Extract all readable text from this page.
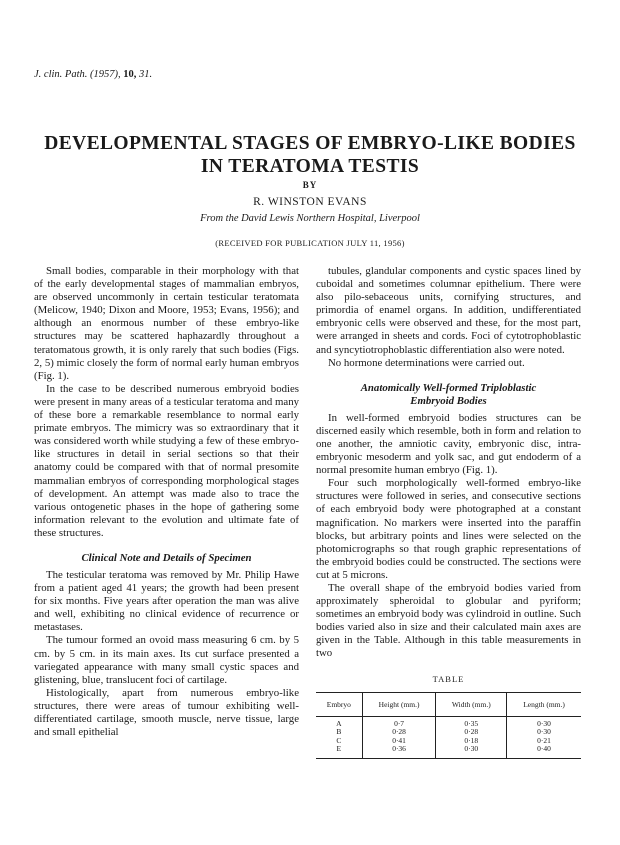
J. clin. Path. (1957), 10, 31.
DEVELOPMENTAL STAGES OF EMBRYO-LIKE BODIES
IN TERATOMA TESTIS
BY
R. WINSTON EVANS
From the David Lewis Northern Hospital, Liverpool
(RECEIVED FOR PUBLICATION JULY 11, 1956)

Small bodies, comparable in their morphology with that of the early developmental stages of mammalian embryos, are observed uncommonly in certain testicular teratomata (Melicow, 1940; Dixon and Moore, 1953; Evans, 1956); and although an enormous number of these embryo-like structures may be scattered haphazardly throughout a teratomatous growth, it is only rarely that such bodies (Figs. 2, 5) mimic closely the form of normal early human embryos (Fig. 1).

In the case to be described numerous embryoid bodies were present in many areas of a testicular teratoma and many of these bore a remarkable resemblance to normal early primate embryos. The mimicry was so extraordinary that it was considered worth while studying a few of these embryo-like structures in detail in serial sections so that their anatomy could be compared with that of normal presomite mammalian embryos of corresponding morphological stages of development. An attempt was made also to trace the various ontogenetic phases in the hope of gathering some information relevant to the evolution and ultimate fate of these structures.

Clinical Note and Details of Specimen

The testicular teratoma was removed by Mr. Philip Hawe from a patient aged 41 years; the growth had been present for six months. Five years after operation the man was alive and well, exhibiting no clinical evidence of recurrence or metastases.

The tumour formed an ovoid mass measuring 6 cm. by 5 cm. by 5 cm. in its main axes. Its cut surface presented a variegated appearance with many small cystic spaces and glistening, blue, translucent foci of cartilage.

Histologically, apart from numerous embryo-like structures, there were areas of tumour exhibiting well-differentiated cartilage, smooth muscle, nerve tissue, large and small epithelial

tubules, glandular components and cystic spaces lined by cuboidal and sometimes columnar epithelium. There were also pilo-sebaceous units, cornifying structures, and primordia of enamel organs. In addition, undifferentiated embryonic cells were observed and these, for the most part, were arranged in sheets and cords. Foci of cytotrophoblastic and syncytiotrophoblastic differentiation also were noted.

No hormone determinations were carried out.

Anatomically Well-formed Triploblastic
Embryoid Bodies

In well-formed embryoid bodies structures can be discerned easily which resemble, both in form and relation to one another, the amniotic cavity, embryonic disc, intra-embryonic mesoderm and yolk sac, and gut endoderm of a normal presomite human embryo (Fig. 1).

Four such morphologically well-formed embryo-like structures were followed in series, and consecutive sections of each embryoid body were photographed at a constant magnification. No markers were inserted into the paraffin blocks, but arbitrary points and lines were selected on the photomicrographs so that rough graphic representations of the embryoid bodies could be constructed. The sections were cut at 5 microns.

The overall shape of the embryoid bodies varied from approximately spheroidal to globular and pyriform; sometimes an embryoid body was cylindroid in outline. Such bodies varied also in size and their calculated main axes are given in the Table. Although in this table measurements in two

TABLE
Embryo	Height (mm.)	Width (mm.)	Length (mm.)
A	0·7	0·35	0·30
B	0·28	0·28	0·30
C	0·41	0·18	0·21
E	0·36	0·30	0·40
